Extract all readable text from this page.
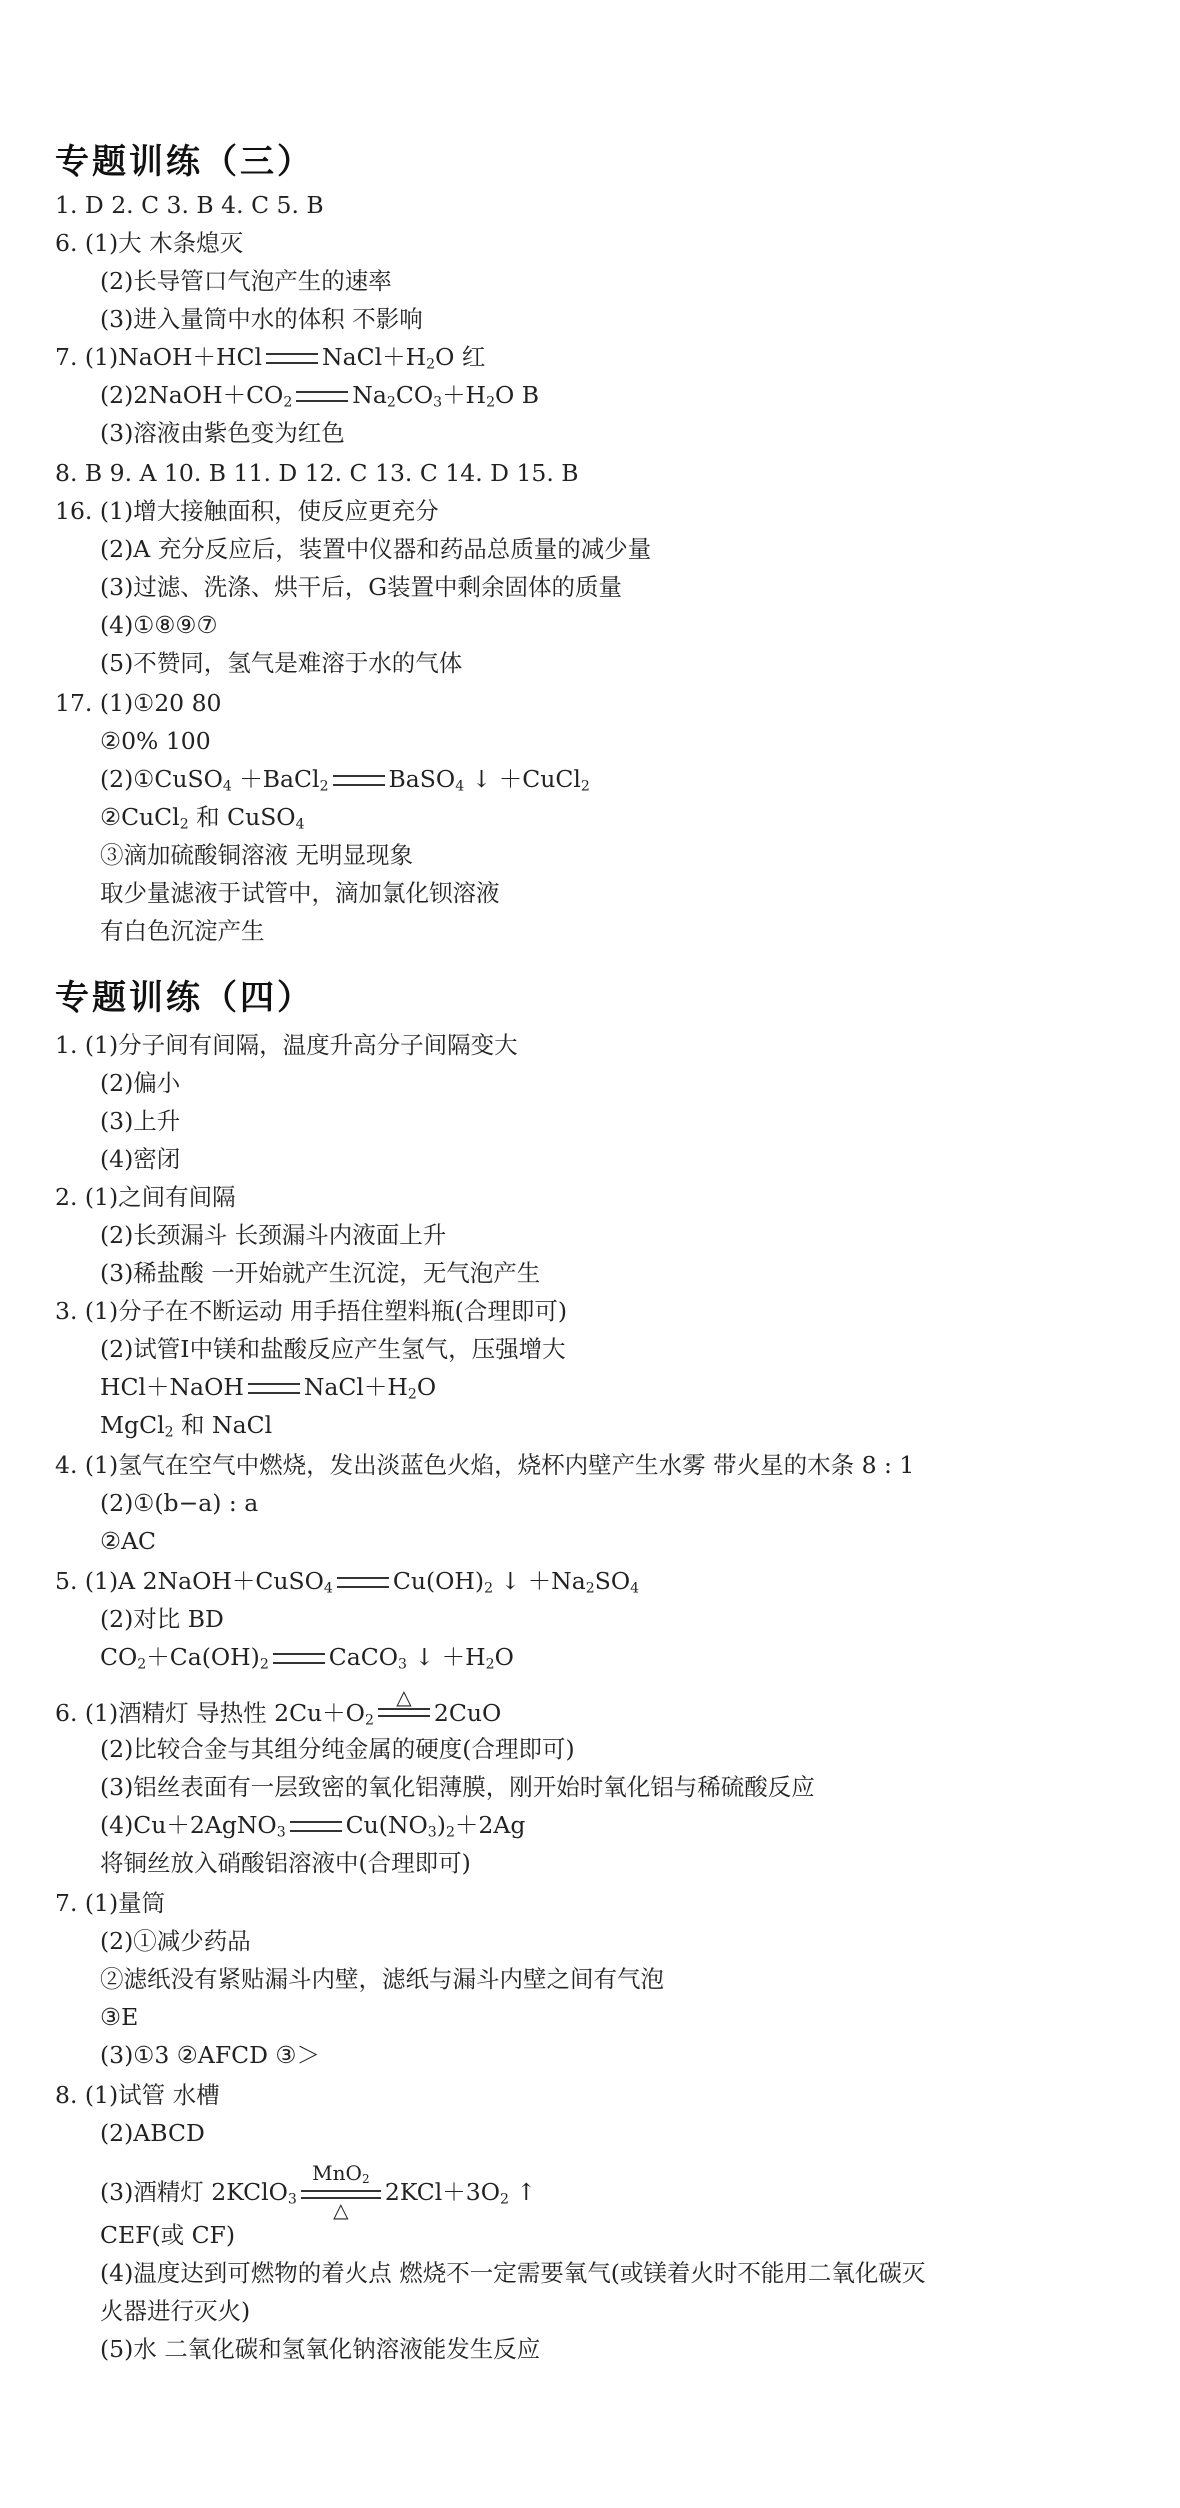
专题训练（三）
1. D 2. C 3. B 4. C 5. B
6. (1)大 木条熄灭
(2)长导管口气泡产生的速率
(3)进入量筒中水的体积 不影响
7. (1)NaOH＋HCl	$NaCl+H_2O$ 红
$(2)2NaOH+CO_2$	$Na_2CO_3+H_2O$ B
(3)溶液由紫色变为红色
8. B 9. A 10. B 11. D 12. C 13. C 14. D 15. B
16. (1)增大接触面积，使反应更充分
(2)A 充分反应后，装置中仪器和药品总质量的减少量
(3)过滤、洗涤、烘干后，G装置中剩余固体的质量
(4)①⑧⑨⑦
(5)不赞同，氢气是难溶于水的气体
17. (1)①20 80
②0% 100
(2)①CuSO$_4$ ＋BaCl$_2$	BaSO$_4$ ↓ ＋CuCl$_2$
②CuCl$_2$ 和 CuSO$_4$
③滴加硫酸铜溶液 无明显现象
取少量滤液于试管中，滴加氯化钡溶液
有白色沉淀产生
专题训练（四）
1. (1)分子间有间隔，温度升高分子间隔变大
(2)偏小
(3)上升
(4)密闭
2. (1)之间有间隔
(2)长颈漏斗 长颈漏斗内液面上升
(3)稀盐酸 一开始就产生沉淀，无气泡产生
3. (1)分子在不断运动 用手捂住塑料瓶(合理即可)
(2)试管Ⅰ中镁和盐酸反应产生氢气，压强增大
HCl＋NaOH	$NaCl+H_2O$
MgCl$_2$ 和 NaCl
4. (1)氢气在空气中燃烧，发出淡蓝色火焰，烧杯内壁产生水雾 带火星的木条 8 : 1
(2)①(b−a) : a
②AC
5. (1)A 2NaOH＋CuSO$_4$	$Cu(OH)_2$ ↓ $+Na_2SO_4$
(2)对比 BD
$CO_2+Ca(OH)_2$	CaCO$_3$ ↓ $+H_2O$
6. (1)酒精灯 导热性 $2Cu+O_2$
△

2CuO
(2)比较合金与其组分纯金属的硬度(合理即可)
(3)铝丝表面有一层致密的氧化铝薄膜，刚开始时氧化铝与稀硫酸反应
(4)Cu＋2AgNO$_3$	$Cu(NO_3)_2+2Ag$
将铜丝放入硝酸铝溶液中(合理即可)
7. (1)量筒
(2)①减少药品
②滤纸没有紧贴漏斗内壁，滤纸与漏斗内壁之间有气泡
③E
(3)①3 ②AFCD ③＞
8. (1)试管 水槽
(2)ABCD
(3)酒精灯 2KClO$_3$
MnO$_2$
△
$2KCl+3O_2$ ↑
CEF(或 CF)
(4)温度达到可燃物的着火点 燃烧不一定需要氧气(或镁着火时不能用二氧化碳灭
火器进行灭火)
(5)水 二氧化碳和氢氧化钠溶液能发生反应
